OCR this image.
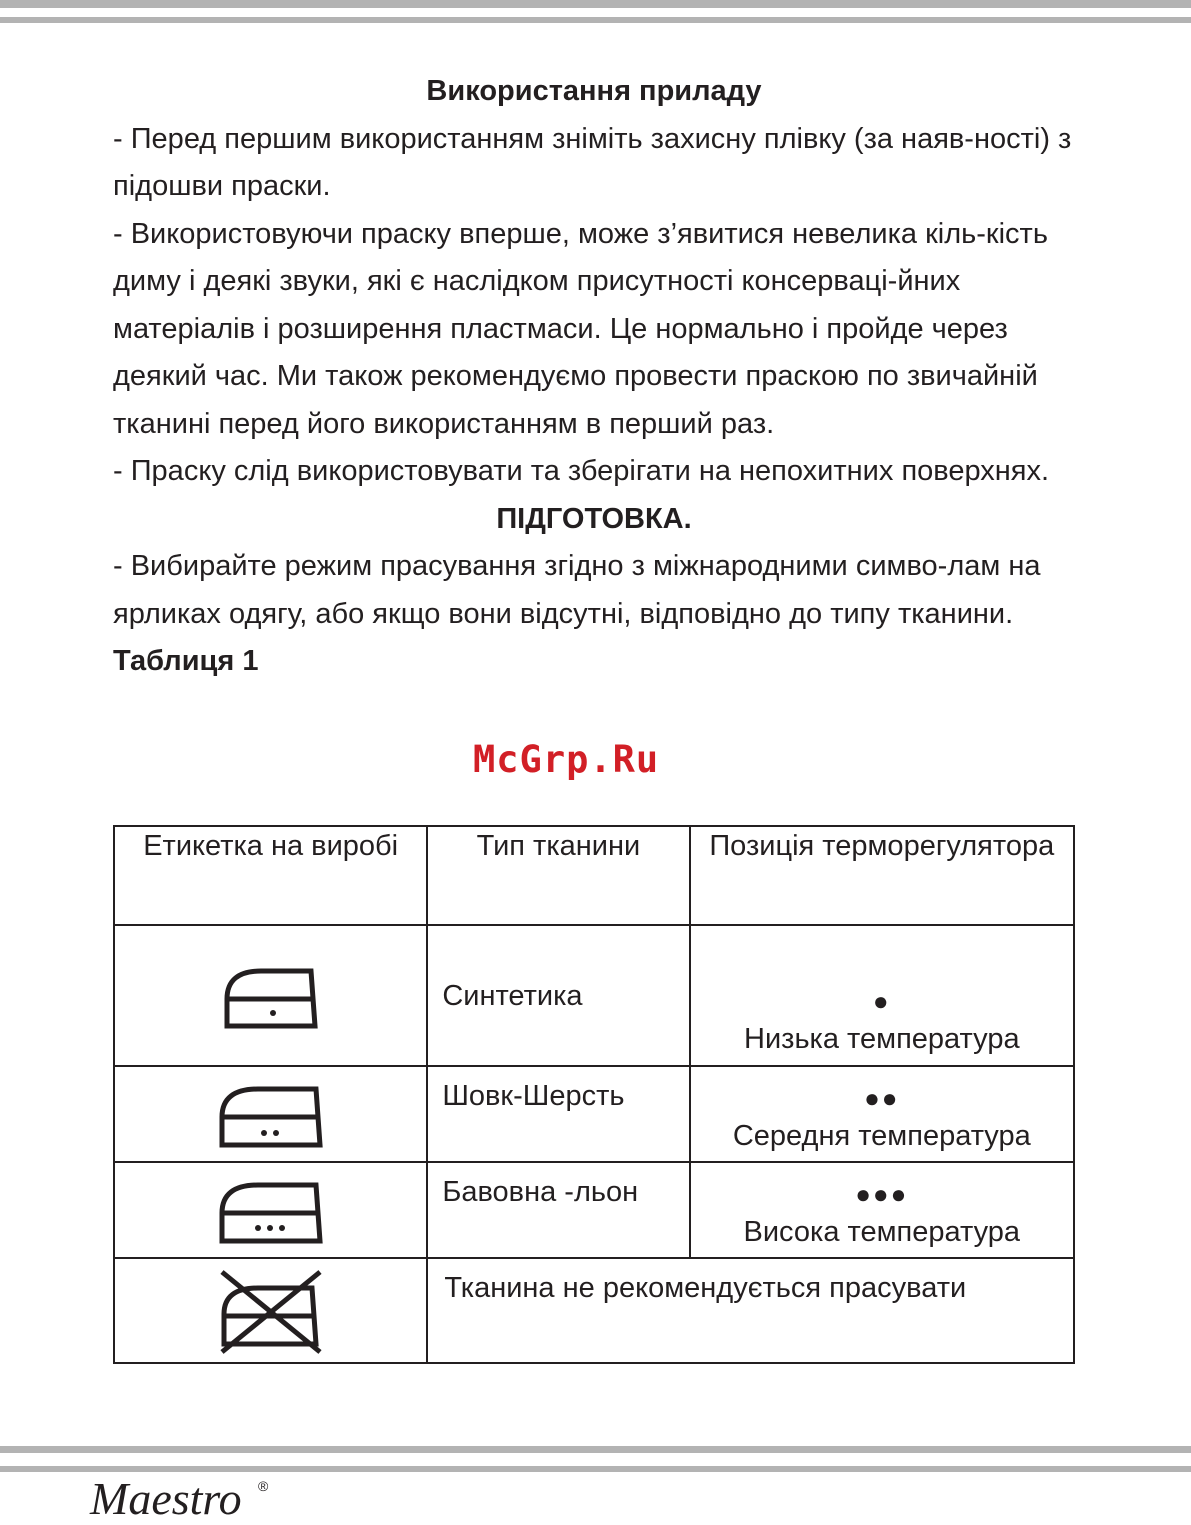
Використання приладу

- Перед першим використанням зніміть захисну плівку (за наяв-ності) з підошви праски.

- Використовуючи праску вперше, може з’явитися невелика кіль-кість диму і деякі звуки, які є наслідком присутності консерваці-йних матеріалів і розширення пластмаси. Це нормально і пройде через деякий час. Ми також рекомендуємо провести праскою по звичайній тканині перед його використанням в перший раз.

- Праску слід використовувати та зберігати на непохитних поверхнях.

ПІДГОТОВКА.

- Вибирайте режим прасування згідно з міжнародними симво-лам на ярликах одягу, або якщо вони відсутні, відповідно до типу тканини.

Таблиця 1

McGrp.Ru
Етикетка на виробі	Тип тканини	Позиція терморегулятора

	Синтетика	●
Низька температура

	Шовк-Шерсть	●●
Середня температура

	Бавовна -льон	●●●
Висока температура

	Тканина не рекомендується прасувати	
Maestro ®
